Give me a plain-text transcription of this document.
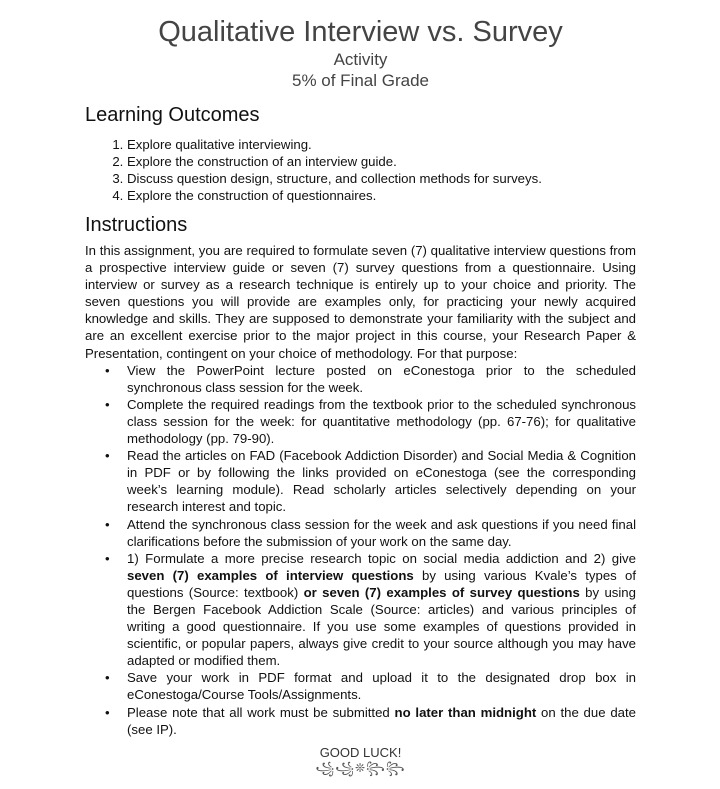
Qualitative Interview vs. Survey
Activity
5% of Final Grade
Learning Outcomes
1. Explore qualitative interviewing.
2. Explore the construction of an interview guide.
3. Discuss question design, structure, and collection methods for surveys.
4. Explore the construction of questionnaires.
Instructions
In this assignment, you are required to formulate seven (7) qualitative interview questions from a prospective interview guide or seven (7) survey questions from a questionnaire. Using interview or survey as a research technique is entirely up to your choice and priority. The seven questions you will provide are examples only, for practicing your newly acquired knowledge and skills. They are supposed to demonstrate your familiarity with the subject and are an excellent exercise prior to the major project in this course, your Research Paper & Presentation, contingent on your choice of methodology. For that purpose:
• View the PowerPoint lecture posted on eConestoga prior to the scheduled synchronous class session for the week.
• Complete the required readings from the textbook prior to the scheduled synchronous class session for the week: for quantitative methodology (pp. 67-76); for qualitative methodology (pp. 79-90).
• Read the articles on FAD (Facebook Addiction Disorder) and Social Media & Cognition in PDF or by following the links provided on eConestoga (see the corresponding week’s learning module). Read scholarly articles selectively depending on your research interest and topic.
• Attend the synchronous class session for the week and ask questions if you need final clarifications before the submission of your work on the same day.
• 1) Formulate a more precise research topic on social media addiction and 2) give seven (7) examples of interview questions by using various Kvale’s types of questions (Source: textbook) or seven (7) examples of survey questions by using the Bergen Facebook Addiction Scale (Source: articles) and various principles of writing a good questionnaire. If you use some examples of questions provided in scientific, or popular papers, always give credit to your source although you may have adapted or modified them.
• Save your work in PDF format and upload it to the designated drop box in eConestoga/Course Tools/Assignments.
• Please note that all work must be submitted no later than midnight on the due date (see IP).
GOOD LUCK!
꧁꧁❊꧂꧂
